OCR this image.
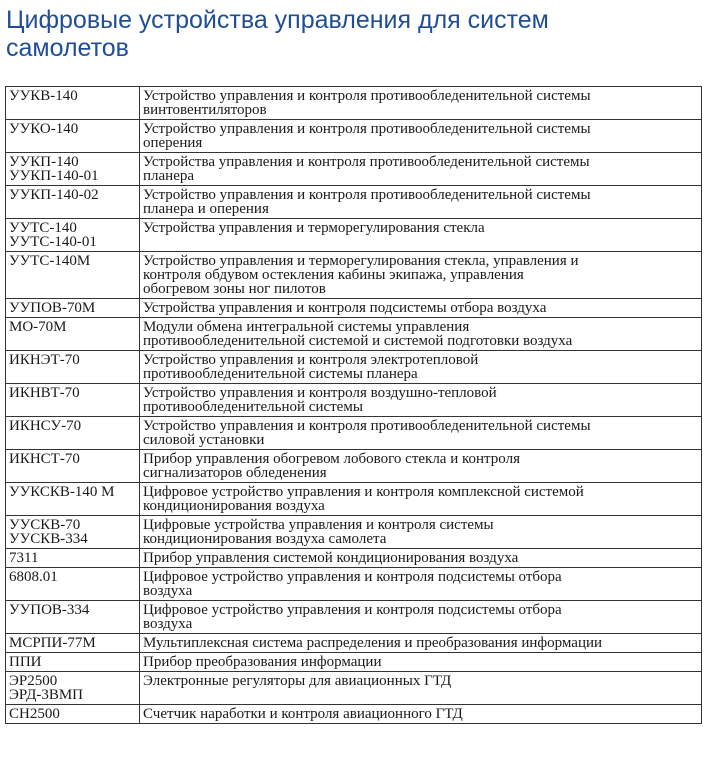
Цифровые устройства управления для систем
самолетов
УУКВ-140	Устройство управления и контроля противообледенительной системы
винтовентиляторов

УУКО-140	Устройство управления и контроля противообледенительной системы
оперения

УУКП-140
УУКП-140-01	Устройства управления и контроля противообледенительной системы
планера

УУКП-140-02	Устройство управления и контроля противообледенительной системы
планера и оперения

УУТС-140
УУТС-140-01	Устройства управления и терморегулирования стекла

УУТС-140М	Устройство управления и терморегулирования стекла, управления и
контроля обдувом остекления кабины экипажа, управления
обогревом зоны ног пилотов

УУПОВ-70М	Устройства управления и контроля подсистемы отбора воздуха

МО-70М	Модули обмена интегральной системы управления
противообледенительной системой и системой подготовки воздуха

ИКНЭТ-70	Устройство управления и контроля электротепловой
противообледенительной системы планера

ИКНВТ-70	Устройство управления и контроля воздушно-тепловой
противообледенительной системы

ИКНСУ-70	Устройство управления и контроля противообледенительной системы
силовой установки

ИКНСТ-70	Прибор управления обогревом лобового стекла и контроля
сигнализаторов обледенения

УУКСКВ-140 М	Цифровое устройство управления и контроля комплексной системой
кондиционирования воздуха

УУСКВ-70
УУСКВ-334	Цифровые устройства управления и контроля системы
кондиционирования воздуха самолета

7311	Прибор управления системой кондиционирования воздуха

6808.01	Цифровое устройство управления и контроля подсистемы отбора
воздуха

УУПОВ-334	Цифровое устройство управления и контроля подсистемы отбора
воздуха

МСРПИ-77М	Мультиплексная система распределения и преобразования информации

ППИ	Прибор преобразования информации

ЭР2500
ЭРД-3ВМП	Электронные регуляторы для авиационных ГТД

СН2500	Счетчик наработки и контроля авиационного ГТД
